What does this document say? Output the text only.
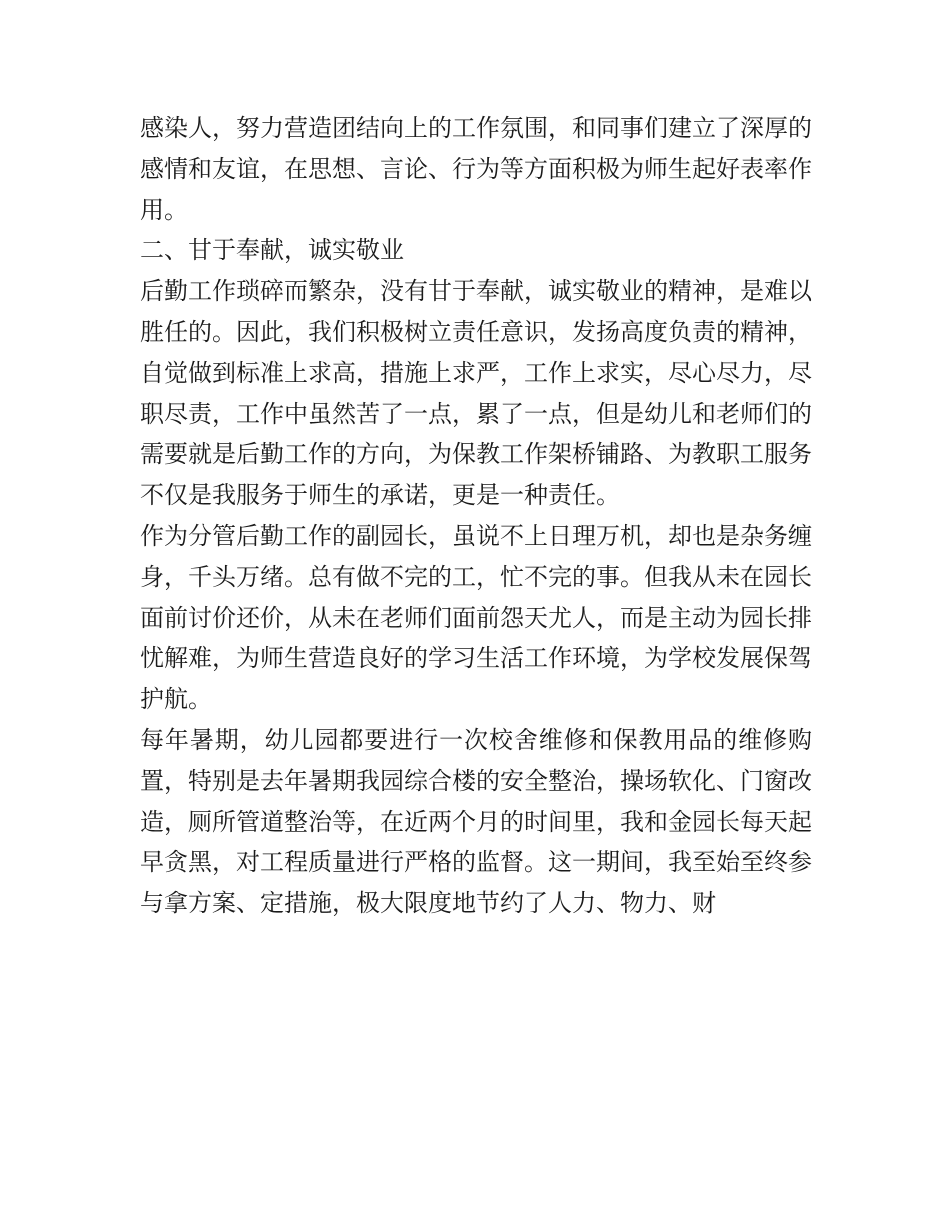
感染人，努力营造团结向上的工作氛围，和同事们建立了深厚的感情和友谊，在思想、言论、行为等方面积极为师生起好表率作用。

二、甘于奉献，诚实敬业

后勤工作琐碎而繁杂，没有甘于奉献，诚实敬业的精神，是难以胜任的。因此，我们积极树立责任意识，发扬高度负责的精神，自觉做到标准上求高，措施上求严，工作上求实，尽心尽力，尽职尽责，工作中虽然苦了一点，累了一点，但是幼儿和老师们的需要就是后勤工作的方向，为保教工作架桥铺路、为教职工服务不仅是我服务于师生的承诺，更是一种责任。

作为分管后勤工作的副园长，虽说不上日理万机，却也是杂务缠身，千头万绪。总有做不完的工，忙不完的事。但我从未在园长面前讨价还价，从未在老师们面前怨天尤人，而是主动为园长排忧解难，为师生营造良好的学习生活工作环境，为学校发展保驾护航。

每年暑期，幼儿园都要进行一次校舍维修和保教用品的维修购置，特别是去年暑期我园综合楼的安全整治，操场软化、门窗改造，厕所管道整治等，在近两个月的时间里，我和金园长每天起早贪黑，对工程质量进行严格的监督。这一期间，我至始至终参与拿方案、定措施，极大限度地节约了人力、物力、财
